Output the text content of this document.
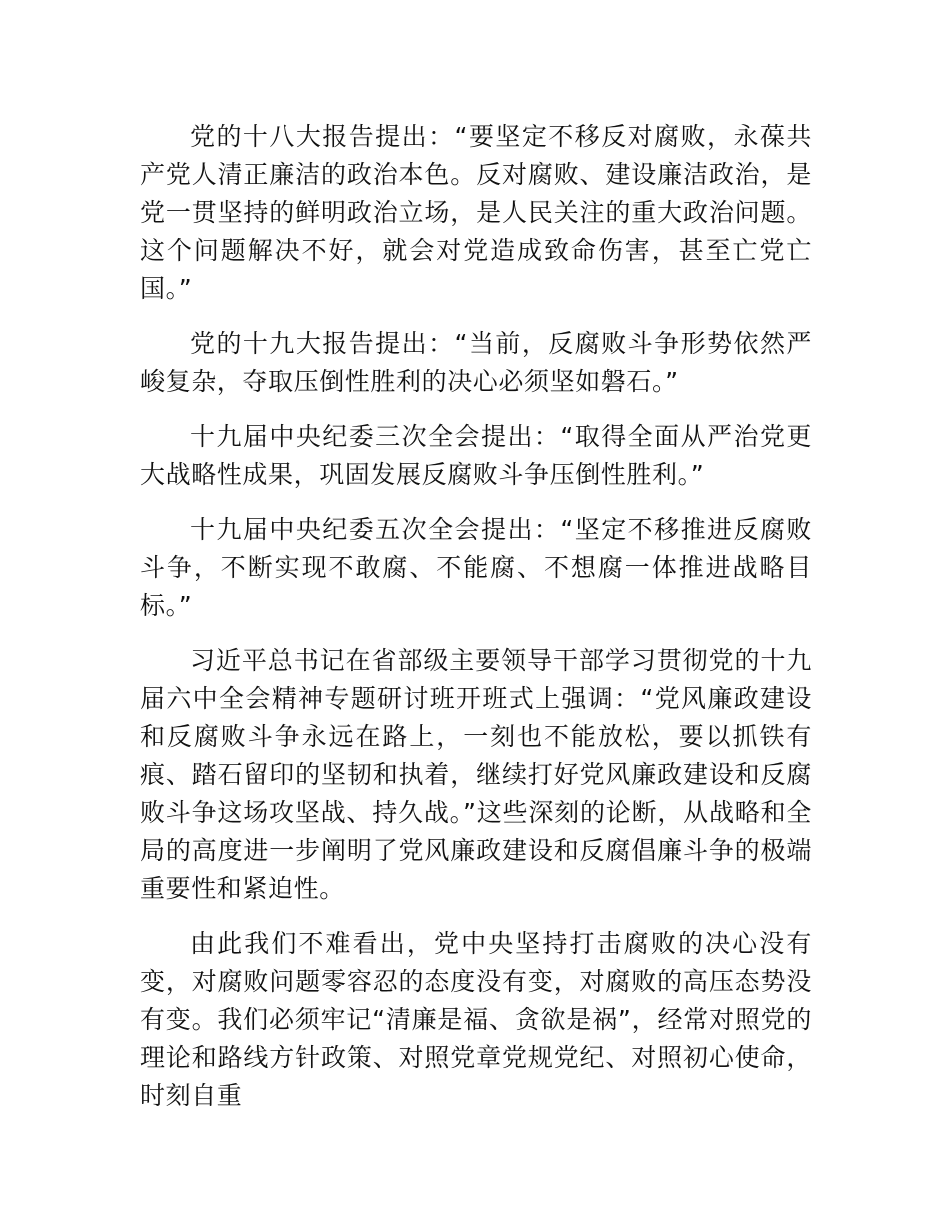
党的十八大报告提出：“要坚定不移反对腐败，永葆共产党人清正廉洁的政治本色。反对腐败、建设廉洁政治，是党一贯坚持的鲜明政治立场，是人民关注的重大政治问题。这个问题解决不好，就会对党造成致命伤害，甚至亡党亡国。”

党的十九大报告提出：“当前，反腐败斗争形势依然严峻复杂，夺取压倒性胜利的决心必须坚如磐石。”

十九届中央纪委三次全会提出：“取得全面从严治党更大战略性成果，巩固发展反腐败斗争压倒性胜利。”

十九届中央纪委五次全会提出：“坚定不移推进反腐败斗争，不断实现不敢腐、不能腐、不想腐一体推进战略目标。”

习近平总书记在省部级主要领导干部学习贯彻党的十九届六中全会精神专题研讨班开班式上强调：“党风廉政建设和反腐败斗争永远在路上，一刻也不能放松，要以抓铁有痕、踏石留印的坚韧和执着，继续打好党风廉政建设和反腐败斗争这场攻坚战、持久战。”这些深刻的论断，从战略和全局的高度进一步阐明了党风廉政建设和反腐倡廉斗争的极端重要性和紧迫性。

由此我们不难看出，党中央坚持打击腐败的决心没有变，对腐败问题零容忍的态度没有变，对腐败的高压态势没有变。我们必须牢记“清廉是福、贪欲是祸”，经常对照党的理论和路线方针政策、对照党章党规党纪、对照初心使命，时刻自重
